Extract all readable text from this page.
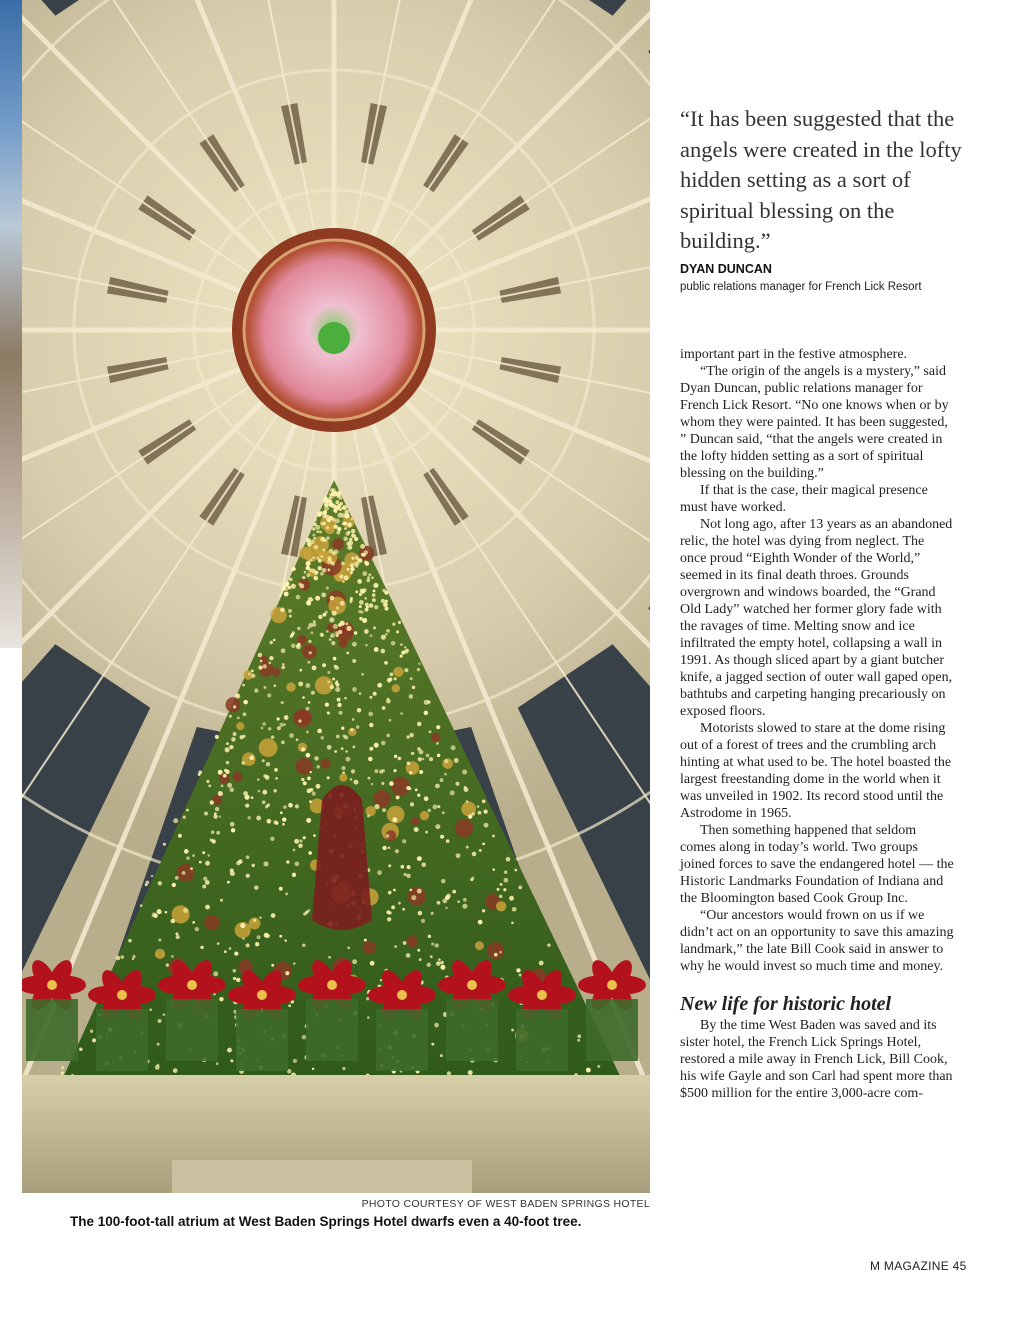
PHOTO COURTESY OF WEST BADEN SPRINGS HOTEL
The 100-foot-tall atrium at West Baden Springs Hotel dwarfs even a 40-foot tree.
“It has been suggested that the angels were created in the lofty hidden setting as a sort of spiritual blessing on the building.”
DYAN DUNCAN
public relations manager for French Lick Resort

important part in the festive atmosphere.

“The origin of the angels is a mystery,” said Dyan Duncan, public relations manager for French Lick Resort. “No one knows when or by whom they were painted. It has been suggested, ” Duncan said, “that the angels were created in the lofty hidden setting as a sort of spiritual blessing on the building.”

If that is the case, their magical presence must have worked.

Not long ago, after 13 years as an abandoned relic, the hotel was dying from neglect. The once proud “Eighth Wonder of the World,” seemed in its final death throes. Grounds overgrown and windows boarded, the “Grand Old Lady” watched her former glory fade with the ravages of time. Melting snow and ice infiltrated the empty hotel, collapsing a wall in 1991. As though sliced apart by a giant butcher knife, a jagged section of outer wall gaped open, bathtubs and carpeting hanging precariously on exposed floors.

Motorists slowed to stare at the dome rising out of a forest of trees and the crumbling arch hinting at what used to be. The hotel boasted the largest freestanding dome in the world when it was unveiled in 1902. Its record stood until the Astrodome in 1965.

Then something happened that seldom comes along in today’s world. Two groups joined forces to save the endangered hotel — the Historic Landmarks Foundation of Indiana and the Bloomington based Cook Group Inc.

“Our ancestors would frown on us if we didn’t act on an opportunity to save this amazing landmark,” the late Bill Cook said in answer to why he would invest so much time and money.

New life for historic hotel

By the time West Baden was saved and its sister hotel, the French Lick Springs Hotel, restored a mile away in French Lick, Bill Cook, his wife Gayle and son Carl had spent more than $500 million for the entire 3,000-acre com-

M MAGAZINE 45
